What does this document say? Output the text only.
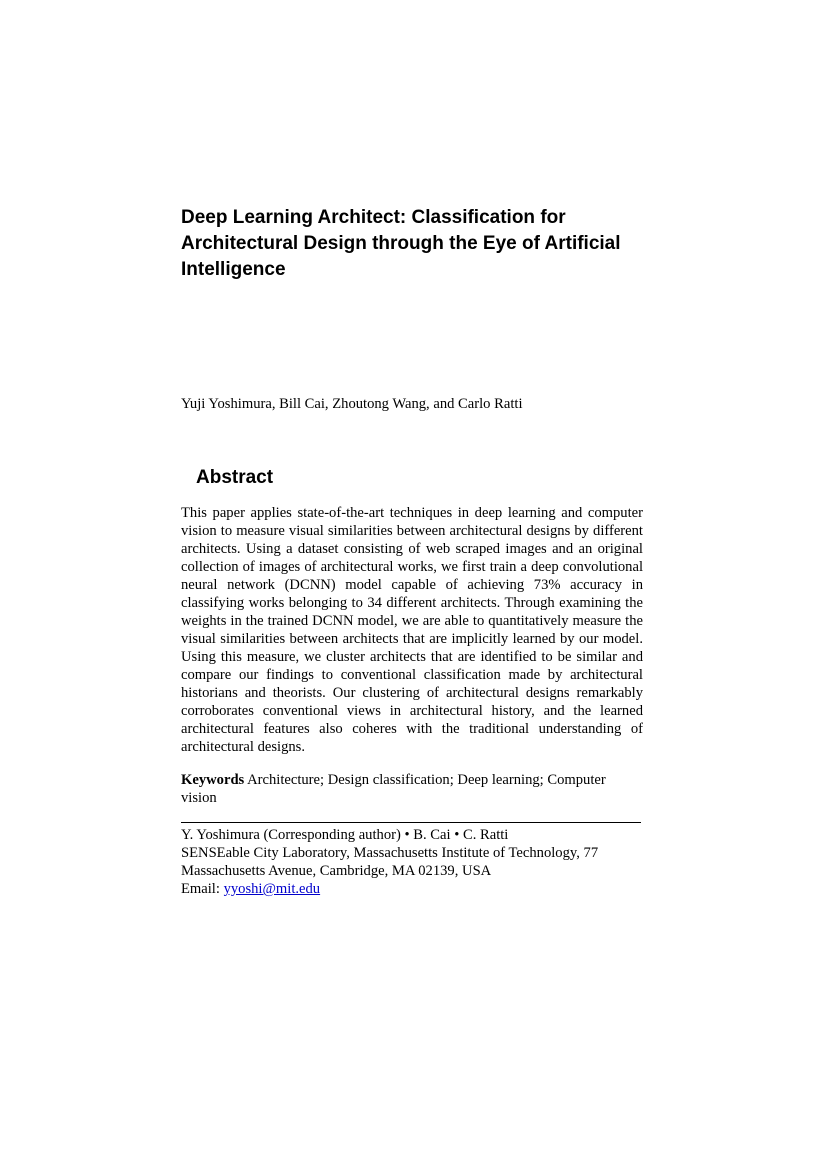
Deep Learning Architect: Classification for Architectural Design through the Eye of Artificial Intelligence

Yuji Yoshimura, Bill Cai, Zhoutong Wang, and Carlo Ratti

Abstract

This paper applies state-of-the-art techniques in deep learning and computer vision to measure visual similarities between architectural designs by different architects. Using a dataset consisting of web scraped images and an original collection of images of architectural works, we first train a deep convolutional neural network (DCNN) model capable of achieving 73% accuracy in classifying works belonging to 34 different architects. Through examining the weights in the trained DCNN model, we are able to quantitatively measure the visual similarities between architects that are implicitly learned by our model. Using this measure, we cluster architects that are identified to be similar and compare our findings to conventional classification made by architectural historians and theorists. Our clustering of architectural designs remarkably corroborates conventional views in architectural history, and the learned architectural features also coheres with the traditional understanding of architectural designs.

Keywords Architecture; Design classification; Deep learning; Computer vision

Y. Yoshimura (Corresponding author) • B. Cai • C. Ratti
SENSEable City Laboratory, Massachusetts Institute of Technology, 77
Massachusetts Avenue, Cambridge, MA 02139, USA
Email: yyoshi@mit.edu
